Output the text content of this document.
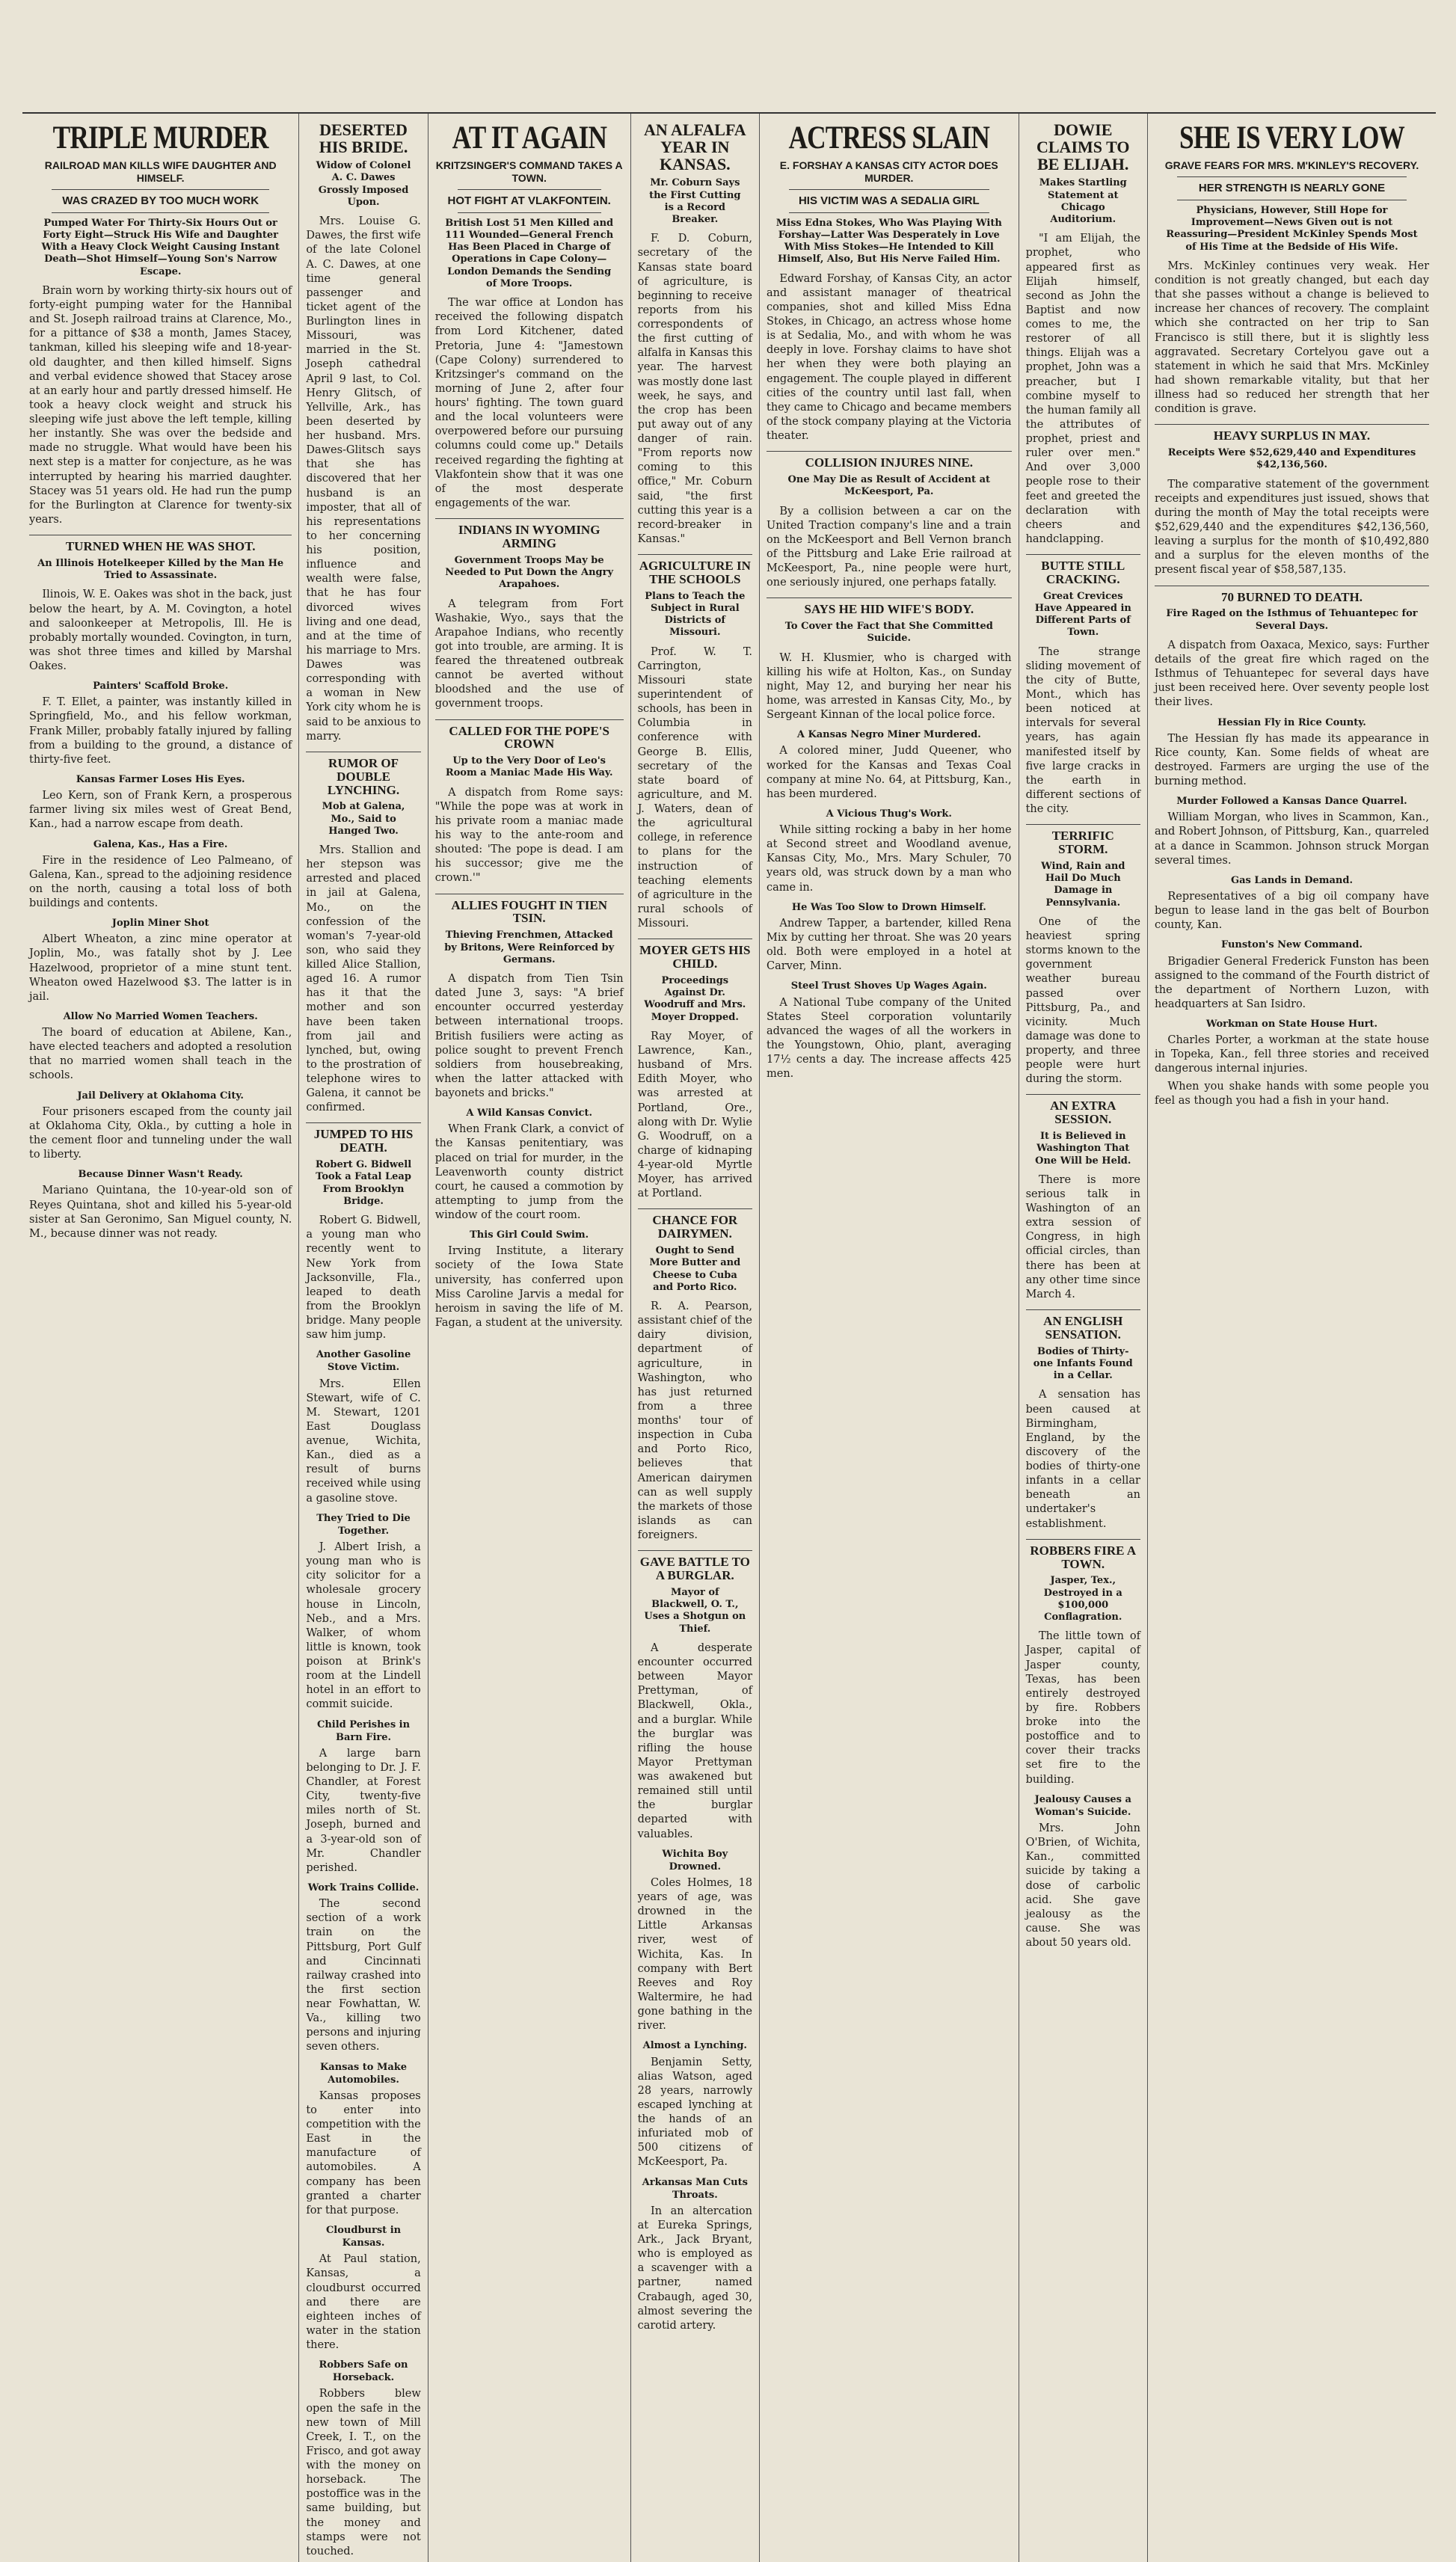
TRIPLE MURDER
RAILROAD MAN KILLS WIFE DAUGHTER AND HIMSELF.
WAS CRAZED BY TOO MUCH WORK
Pumped Water For Thirty-Six Hours Out or Forty Eight—Struck His Wife and Daughter With a Heavy Clock Weight Causing Instant Death—Shot Himself—Young Son's Narrow Escape.

Brain worn by working thirty-six hours out of forty-eight pumping water for the Hannibal and St. Joseph railroad trains at Clarence, Mo., for a pittance of $38 a month, James Stacey, tankman, killed his sleeping wife and 18-year-old daughter, and then killed himself. Signs and verbal evidence showed that Stacey arose at an early hour and partly dressed himself. He took a heavy clock weight and struck his sleeping wife just above the left temple, killing her instantly. She was over the bedside and made no struggle. What would have been his next step is a matter for conjecture, as he was interrupted by hearing his married daughter. Stacey was 51 years old. He had run the pump for the Burlington at Clarence for twenty-six years.

TURNED WHEN HE WAS SHOT.
An Illinois Hotelkeeper Killed by the Man He Tried to Assassinate.

Ilinois, W. E. Oakes was shot in the back, just below the heart, by A. M. Covington, a hotel and saloonkeeper at Metropolis, Ill. He is probably mortally wounded. Covington, in turn, was shot three times and killed by Marshal Oakes.

Painters' Scaffold Broke.

F. T. Ellet, a painter, was instantly killed in Springfield, Mo., and his fellow workman, Frank Miller, probably fatally injured by falling from a building to the ground, a distance of thirty-five feet.

Kansas Farmer Loses His Eyes.

Leo Kern, son of Frank Kern, a prosperous farmer living six miles west of Great Bend, Kan., had a narrow escape from death.

Galena, Kas., Has a Fire.

Fire in the residence of Leo Palmeano, of Galena, Kan., spread to the adjoining residence on the north, causing a total loss of both buildings and contents.

Joplin Miner Shot

Albert Wheaton, a zinc mine operator at Joplin, Mo., was fatally shot by J. Lee Hazelwood, proprietor of a mine stunt tent. Wheaton owed Hazelwood $3. The latter is in jail.

Allow No Married Women Teachers.

The board of education at Abilene, Kan., have elected teachers and adopted a resolution that no married women shall teach in the schools.

Jail Delivery at Oklahoma City.

Four prisoners escaped from the county jail at Oklahoma City, Okla., by cutting a hole in the cement floor and tunneling under the wall to liberty.

Because Dinner Wasn't Ready.

Mariano Quintana, the 10-year-old son of Reyes Quintana, shot and killed his 5-year-old sister at San Geronimo, San Miguel county, N. M., because dinner was not ready.

DESERTED HIS BRIDE.
Widow of Colonel A. C. Dawes Grossly Imposed Upon.

Mrs. Louise G. Dawes, the first wife of the late Colonel A. C. Dawes, at one time general passenger and ticket agent of the Burlington lines in Missouri, was married in the St. Joseph cathedral April 9 last, to Col. Henry Glitsch, of Yellville, Ark., has been deserted by her husband. Mrs. Dawes-Glitsch says that she has discovered that her husband is an imposter, that all of his representations to her concerning his position, influence and wealth were false, that he has four divorced wives living and one dead, and at the time of his marriage to Mrs. Dawes was corresponding with a woman in New York city whom he is said to be anxious to marry.

RUMOR OF DOUBLE LYNCHING.
Mob at Galena, Mo., Said to Hanged Two.

Mrs. Stallion and her stepson was arrested and placed in jail at Galena, Mo., on the confession of the woman's 7-year-old son, who said they killed Alice Stallion, aged 16. A rumor has it that the mother and son have been taken from jail and lynched, but, owing to the prostration of telephone wires to Galena, it cannot be confirmed.

JUMPED TO HIS DEATH.
Robert G. Bidwell Took a Fatal Leap From Brooklyn Bridge.

Robert G. Bidwell, a young man who recently went to New York from Jacksonville, Fla., leaped to death from the Brooklyn bridge. Many people saw him jump.

Another Gasoline Stove Victim.

Mrs. Ellen Stewart, wife of C. M. Stewart, 1201 East Douglass avenue, Wichita, Kan., died as a result of burns received while using a gasoline stove.

They Tried to Die Together.

J. Albert Irish, a young man who is city solicitor for a wholesale grocery house in Lincoln, Neb., and a Mrs. Walker, of whom little is known, took poison at Brink's room at the Lindell hotel in an effort to commit suicide.

Child Perishes in Barn Fire.

A large barn belonging to Dr. J. F. Chandler, at Forest City, twenty-five miles north of St. Joseph, burned and a 3-year-old son of Mr. Chandler perished.

Work Trains Collide.

The second section of a work train on the Pittsburg, Port Gulf and Cincinnati railway crashed into the first section near Fowhattan, W. Va., killing two persons and injuring seven others.

Kansas to Make Automobiles.

Kansas proposes to enter into competition with the East in the manufacture of automobiles. A company has been granted a charter for that purpose.

Cloudburst in Kansas.

At Paul station, Kansas, a cloudburst occurred and there are eighteen inches of water in the station there.

Robbers Safe on Horseback.

Robbers blew open the safe in the new town of Mill Creek, I. T., on the Frisco, and got away with the money on horseback. The postoffice was in the same building, but the money and stamps were not touched.

AT IT AGAIN
KRITZSINGER'S COMMAND TAKES A TOWN.
HOT FIGHT AT VLAKFONTEIN.
British Lost 51 Men Killed and 111 Wounded—General French Has Been Placed in Charge of Operations in Cape Colony—London Demands the Sending of More Troops.

The war office at London has received the following dispatch from Lord Kitchener, dated Pretoria, June 4: "Jamestown (Cape Colony) surrendered to Kritzsinger's command on the morning of June 2, after four hours' fighting. The town guard and the local volunteers were overpowered before our pursuing columns could come up." Details received regarding the fighting at Vlakfontein show that it was one of the most desperate engagements of the war.

INDIANS IN WYOMING ARMING
Government Troops May be Needed to Put Down the Angry Arapahoes.

A telegram from Fort Washakie, Wyo., says that the Arapahoe Indians, who recently got into trouble, are arming. It is feared the threatened outbreak cannot be averted without bloodshed and the use of government troops.

CALLED FOR THE POPE'S CROWN
Up to the Very Door of Leo's Room a Maniac Made His Way.

A dispatch from Rome says: "While the pope was at work in his private room a maniac made his way to the ante-room and shouted: 'The pope is dead. I am his successor; give me the crown.'"

ALLIES FOUGHT IN TIEN TSIN.
Thieving Frenchmen, Attacked by Britons, Were Reinforced by Germans.

A dispatch from Tien Tsin dated June 3, says: "A brief encounter occurred yesterday between international troops. British fusiliers were acting as police sought to prevent French soldiers from housebreaking, when the latter attacked with bayonets and bricks."

A Wild Kansas Convict.

When Frank Clark, a convict of the Kansas penitentiary, was placed on trial for murder, in the Leavenworth county district court, he caused a commotion by attempting to jump from the window of the court room.

This Girl Could Swim.

Irving Institute, a literary society of the Iowa State university, has conferred upon Miss Caroline Jarvis a medal for heroism in saving the life of M. Fagan, a student at the university.

AN ALFALFA YEAR IN KANSAS.
Mr. Coburn Says the First Cutting is a Record Breaker.

F. D. Coburn, secretary of the Kansas state board of agriculture, is beginning to receive reports from his correspondents of the first cutting of alfalfa in Kansas this year. The harvest was mostly done last week, he says, and the crop has been put away out of any danger of rain. "From reports now coming to this office," Mr. Coburn said, "the first cutting this year is a record-breaker in Kansas."

AGRICULTURE IN THE SCHOOLS
Plans to Teach the Subject in Rural Districts of Missouri.

Prof. W. T. Carrington, Missouri state superintendent of schools, has been in Columbia in conference with George B. Ellis, secretary of the state board of agriculture, and M. J. Waters, dean of the agricultural college, in reference to plans for the instruction of teaching elements of agriculture in the rural schools of Missouri.

MOYER GETS HIS CHILD.
Proceedings Against Dr. Woodruff and Mrs. Moyer Dropped.

Ray Moyer, of Lawrence, Kan., husband of Mrs. Edith Moyer, who was arrested at Portland, Ore., along with Dr. Wylie G. Woodruff, on a charge of kidnaping 4-year-old Myrtle Moyer, has arrived at Portland.

CHANCE FOR DAIRYMEN.
Ought to Send More Butter and Cheese to Cuba and Porto Rico.

R. A. Pearson, assistant chief of the dairy division, department of agriculture, in Washington, who has just returned from a three months' tour of inspection in Cuba and Porto Rico, believes that American dairymen can as well supply the markets of those islands as can foreigners.

GAVE BATTLE TO A BURGLAR.
Mayor of Blackwell, O. T., Uses a Shotgun on Thief.

A desperate encounter occurred between Mayor Prettyman, of Blackwell, Okla., and a burglar. While the burglar was rifling the house Mayor Prettyman was awakened but remained still until the burglar departed with valuables.

Wichita Boy Drowned.

Coles Holmes, 18 years of age, was drowned in the Little Arkansas river, west of Wichita, Kas. In company with Bert Reeves and Roy Waltermire, he had gone bathing in the river.

Almost a Lynching.

Benjamin Setty, alias Watson, aged 28 years, narrowly escaped lynching at the hands of an infuriated mob of 500 citizens of McKeesport, Pa.

Arkansas Man Cuts Throats.

In an altercation at Eureka Springs, Ark., Jack Bryant, who is employed as a scavenger with a partner, named Crabaugh, aged 30, almost severing the carotid artery.

ACTRESS SLAIN
E. FORSHAY A KANSAS CITY ACTOR DOES MURDER.
HIS VICTIM WAS A SEDALIA GIRL
Miss Edna Stokes, Who Was Playing With Forshay—Latter Was Desperately in Love With Miss Stokes—He Intended to Kill Himself, Also, But His Nerve Failed Him.

Edward Forshay, of Kansas City, an actor and assistant manager of theatrical companies, shot and killed Miss Edna Stokes, in Chicago, an actress whose home is at Sedalia, Mo., and with whom he was deeply in love. Forshay claims to have shot her when they were both playing an engagement. The couple played in different cities of the country until last fall, when they came to Chicago and became members of the stock company playing at the Victoria theater.

COLLISION INJURES NINE.
One May Die as Result of Accident at McKeesport, Pa.

By a collision between a car on the United Traction company's line and a train on the McKeesport and Bell Vernon branch of the Pittsburg and Lake Erie railroad at McKeesport, Pa., nine people were hurt, one seriously injured, one perhaps fatally.

SAYS HE HID WIFE'S BODY.
To Cover the Fact that She Committed Suicide.

W. H. Klusmier, who is charged with killing his wife at Holton, Kas., on Sunday night, May 12, and burying her near his home, was arrested in Kansas City, Mo., by Sergeant Kinnan of the local police force.

A Kansas Negro Miner Murdered.

A colored miner, Judd Queener, who worked for the Kansas and Texas Coal company at mine No. 64, at Pittsburg, Kan., has been murdered.

A Vicious Thug's Work.

While sitting rocking a baby in her home at Second street and Woodland avenue, Kansas City, Mo., Mrs. Mary Schuler, 70 years old, was struck down by a man who came in.

He Was Too Slow to Drown Himself.

Andrew Tapper, a bartender, killed Rena Mix by cutting her throat. She was 20 years old. Both were employed in a hotel at Carver, Minn.

Steel Trust Shoves Up Wages Again.

A National Tube company of the United States Steel corporation voluntarily advanced the wages of all the workers in the Youngstown, Ohio, plant, averaging 17½ cents a day. The increase affects 425 men.

DOWIE CLAIMS TO BE ELIJAH.
Makes Startling Statement at Chicago Auditorium.

"I am Elijah, the prophet, who appeared first as Elijah himself, second as John the Baptist and now comes to me, the restorer of all things. Elijah was a prophet, John was a preacher, but I combine myself to the human family all the attributes of prophet, priest and ruler over men." And over 3,000 people rose to their feet and greeted the declaration with cheers and handclapping.

BUTTE STILL CRACKING.
Great Crevices Have Appeared in Different Parts of Town.

The strange sliding movement of the city of Butte, Mont., which has been noticed at intervals for several years, has again manifested itself by five large cracks in the earth in different sections of the city.

TERRIFIC STORM.
Wind, Rain and Hail Do Much Damage in Pennsylvania.

One of the heaviest spring storms known to the government weather bureau passed over Pittsburg, Pa., and vicinity. Much damage was done to property, and three people were hurt during the storm.

AN EXTRA SESSION.
It is Believed in Washington That One Will be Held.

There is more serious talk in Washington of an extra session of Congress, in high official circles, than there has been at any other time since March 4.

AN ENGLISH SENSATION.
Bodies of Thirty-one Infants Found in a Cellar.

A sensation has been caused at Birmingham, England, by the discovery of the bodies of thirty-one infants in a cellar beneath an undertaker's establishment.

ROBBERS FIRE A TOWN.
Jasper, Tex., Destroyed in a $100,000 Conflagration.

The little town of Jasper, capital of Jasper county, Texas, has been entirely destroyed by fire. Robbers broke into the postoffice and to cover their tracks set fire to the building.

Jealousy Causes a Woman's Suicide.

Mrs. John O'Brien, of Wichita, Kan., committed suicide by taking a dose of carbolic acid. She gave jealousy as the cause. She was about 50 years old.

SHE IS VERY LOW
GRAVE FEARS FOR MRS. M'KINLEY'S RECOVERY.
HER STRENGTH IS NEARLY GONE
Physicians, However, Still Hope for Improvement—News Given out is not Reassuring—President McKinley Spends Most of His Time at the Bedside of His Wife.

Mrs. McKinley continues very weak. Her condition is not greatly changed, but each day that she passes without a change is believed to increase her chances of recovery. The complaint which she contracted on her trip to San Francisco is still there, but it is slightly less aggravated. Secretary Cortelyou gave out a statement in which he said that Mrs. McKinley had shown remarkable vitality, but that her illness had so reduced her strength that her condition is grave.

HEAVY SURPLUS IN MAY.
Receipts Were $52,629,440 and Expenditures $42,136,560.

The comparative statement of the government receipts and expenditures just issued, shows that during the month of May the total receipts were $52,629,440 and the expenditures $42,136,560, leaving a surplus for the month of $10,492,880 and a surplus for the eleven months of the present fiscal year of $58,587,135.

70 BURNED TO DEATH.
Fire Raged on the Isthmus of Tehuantepec for Several Days.

A dispatch from Oaxaca, Mexico, says: Further details of the great fire which raged on the Isthmus of Tehuantepec for several days have just been received here. Over seventy people lost their lives.

Hessian Fly in Rice County.

The Hessian fly has made its appearance in Rice county, Kan. Some fields of wheat are destroyed. Farmers are urging the use of the burning method.

Murder Followed a Kansas Dance Quarrel.

William Morgan, who lives in Scammon, Kan., and Robert Johnson, of Pittsburg, Kan., quarreled at a dance in Scammon. Johnson struck Morgan several times.

Gas Lands in Demand.

Representatives of a big oil company have begun to lease land in the gas belt of Bourbon county, Kan.

Funston's New Command.

Brigadier General Frederick Funston has been assigned to the command of the Fourth district of the department of Northern Luzon, with headquarters at San Isidro.

Workman on State House Hurt.

Charles Porter, a workman at the state house in Topeka, Kan., fell three stories and received dangerous internal injuries.

When you shake hands with some people you feel as though you had a fish in your hand.
